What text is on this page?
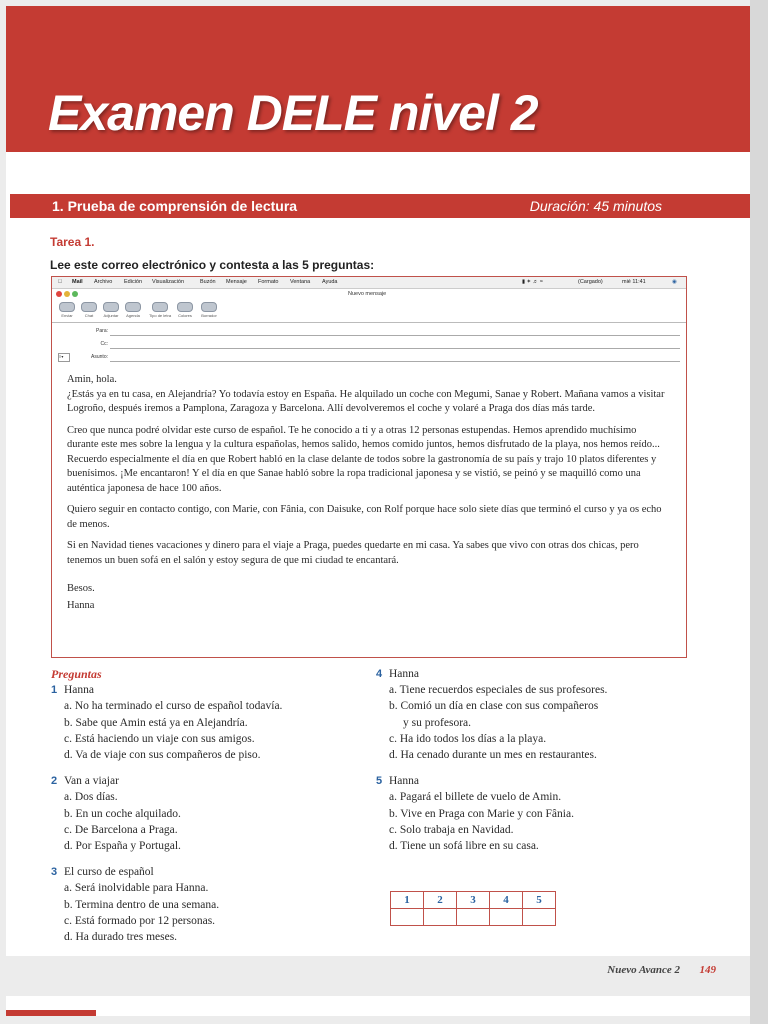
Examen DELE nivel 2
1. Prueba de comprensión de lectura	Duración: 45 minutos
Tarea 1.
Lee este correo electrónico y contesta a las 5 preguntas:
Mail Archivo Edición Visualización	Buzón Mensaje Formato Ventana Ayuda	▮ ✶ ♬ ≈	(Cargado)	mié 11:41	◉
Nuevo mensaje
Enviar	Chat	Adjuntar	Agenda	Tipo de letra	Colores	Borrador
Para:
Cc:
≡▾	Asunto:
Amin, hola.

¿Estás ya en tu casa, en Alejandría? Yo todavía estoy en España. He alquilado un coche con Megumi, Sanae y Robert. Mañana vamos a visitar Logroño, después iremos a Pamplona, Zaragoza y Barcelona. Allí devolveremos el coche y volaré a Praga dos días más tarde.

Creo que nunca podré olvidar este curso de español. Te he conocido a ti y a otras 12 personas estupendas. Hemos aprendido muchísimo durante este mes sobre la lengua y la cultura españolas, hemos salido, hemos comido juntos, hemos disfrutado de la playa, nos hemos reído... Recuerdo especialmente el día en que Robert habló en la clase delante de todos sobre la gastronomía de su país y trajo 10 platos diferentes y buenísimos. ¡Me encantaron! Y el día en que Sanae habló sobre la ropa tradicional japonesa y se vistió, se peinó y se maquilló como una auténtica japonesa de hace 100 años.

Quiero seguir en contacto contigo, con Marie, con Fânia, con Daisuke, con Rolf porque hace solo siete días que terminó el curso y ya os echo de menos.

Si en Navidad tienes vacaciones y dinero para el viaje a Praga, puedes quedarte en mi casa. Ya sabes que vivo con otras dos chicas, pero tenemos un buen sofá en el salón y estoy segura de que mi ciudad te encantará.

Besos.
Hanna
Preguntas
1 Hanna
a. No ha terminado el curso de español todavía.
b. Sabe que Amin está ya en Alejandría.
c. Está haciendo un viaje con sus amigos.
d. Va de viaje con sus compañeros de piso.
2 Van a viajar
a. Dos días.
b. En un coche alquilado.
c. De Barcelona a Praga.
d. Por España y Portugal.
3 El curso de español
a. Será inolvidable para Hanna.
b. Termina dentro de una semana.
c. Está formado por 12 personas.
d. Ha durado tres meses.
4 Hanna
a. Tiene recuerdos especiales de sus profesores.
b. Comió un día en clase con sus compañeros
y su profesora.
c. Ha ido todos los días a la playa.
d. Ha cenado durante un mes en restaurantes.
5 Hanna
a. Pagará el billete de vuelo de Amin.
b. Vive en Praga con Marie y con Fânia.
c. Solo trabaja en Navidad.
d. Tiene un sofá libre en su casa.
1	2	3	4	5

Nuevo Avance 2 149
